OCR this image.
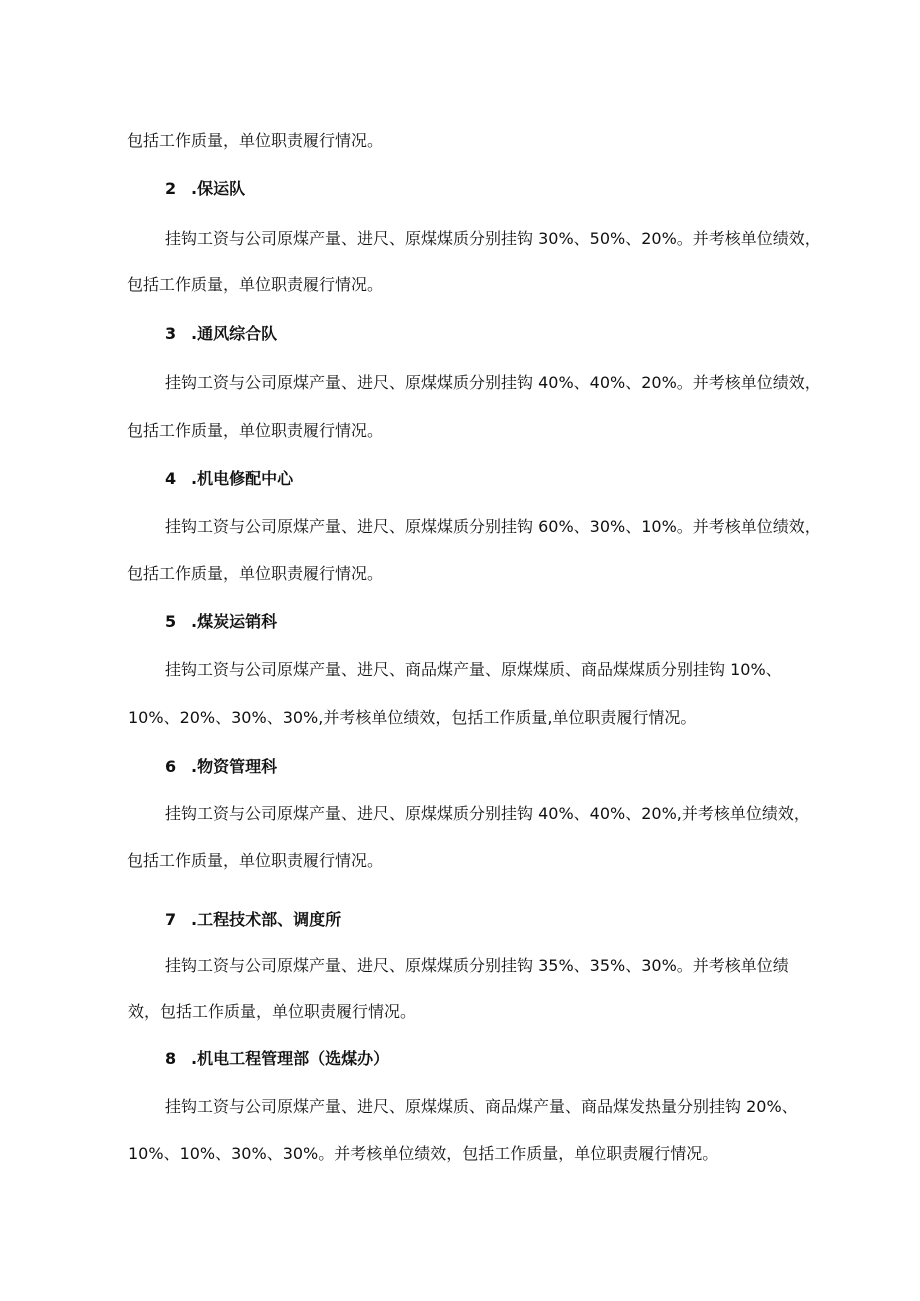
包括工作质量，单位职责履行情况。
2 .保运队
挂钩工资与公司原煤产量、进尺、原煤煤质分别挂钩 30%、50%、20%。并考核单位绩效，
包括工作质量，单位职责履行情况。
3 .通风综合队
挂钩工资与公司原煤产量、进尺、原煤煤质分别挂钩 40%、40%、20%。并考核单位绩效，
包括工作质量，单位职责履行情况。
4 .机电修配中心
挂钩工资与公司原煤产量、进尺、原煤煤质分别挂钩 60%、30%、10%。并考核单位绩效，
包括工作质量，单位职责履行情况。
5 .煤炭运销科
挂钩工资与公司原煤产量、进尺、商品煤产量、原煤煤质、商品煤煤质分别挂钩 10%、
10%、20%、30%、30%,并考核单位绩效，包括工作质量,单位职责履行情况。
6 .物资管理科
挂钩工资与公司原煤产量、进尺、原煤煤质分别挂钩 40%、40%、20%,并考核单位绩效，
包括工作质量，单位职责履行情况。
7 .工程技术部、调度所
挂钩工资与公司原煤产量、进尺、原煤煤质分别挂钩 35%、35%、30%。并考核单位绩
效，包括工作质量，单位职责履行情况。
8 .机电工程管理部（选煤办）
挂钩工资与公司原煤产量、进尺、原煤煤质、商品煤产量、商品煤发热量分别挂钩 20%、
10%、10%、30%、30%。并考核单位绩效，包括工作质量，单位职责履行情况。
